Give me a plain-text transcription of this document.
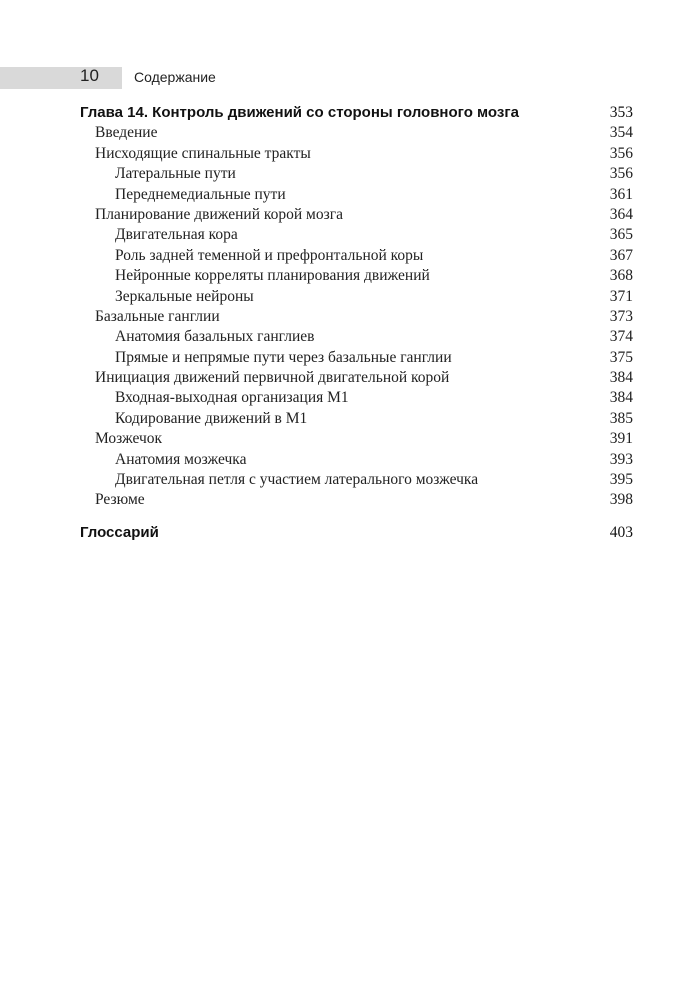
10	Содержание
Глава 14. Контроль движений со стороны головного мозга	353
Введение	354
Нисходящие спинальные тракты	356
Латеральные пути	356
Переднемедиальные пути	361
Планирование движений корой мозга	364
Двигательная кора	365
Роль задней теменной и префронтальной коры	367
Нейронные корреляты планирования движений	368
Зеркальные нейроны	371
Базальные ганглии	373
Анатомия базальных ганглиев	374
Прямые и непрямые пути через базальные ганглии	375
Инициация движений первичной двигательной корой	384
Входная-выходная организация M1	384
Кодирование движений в M1	385
Мозжечок	391
Анатомия мозжечка	393
Двигательная петля с участием латерального мозжечка	395
Резюме	398
Глоссарий	403
